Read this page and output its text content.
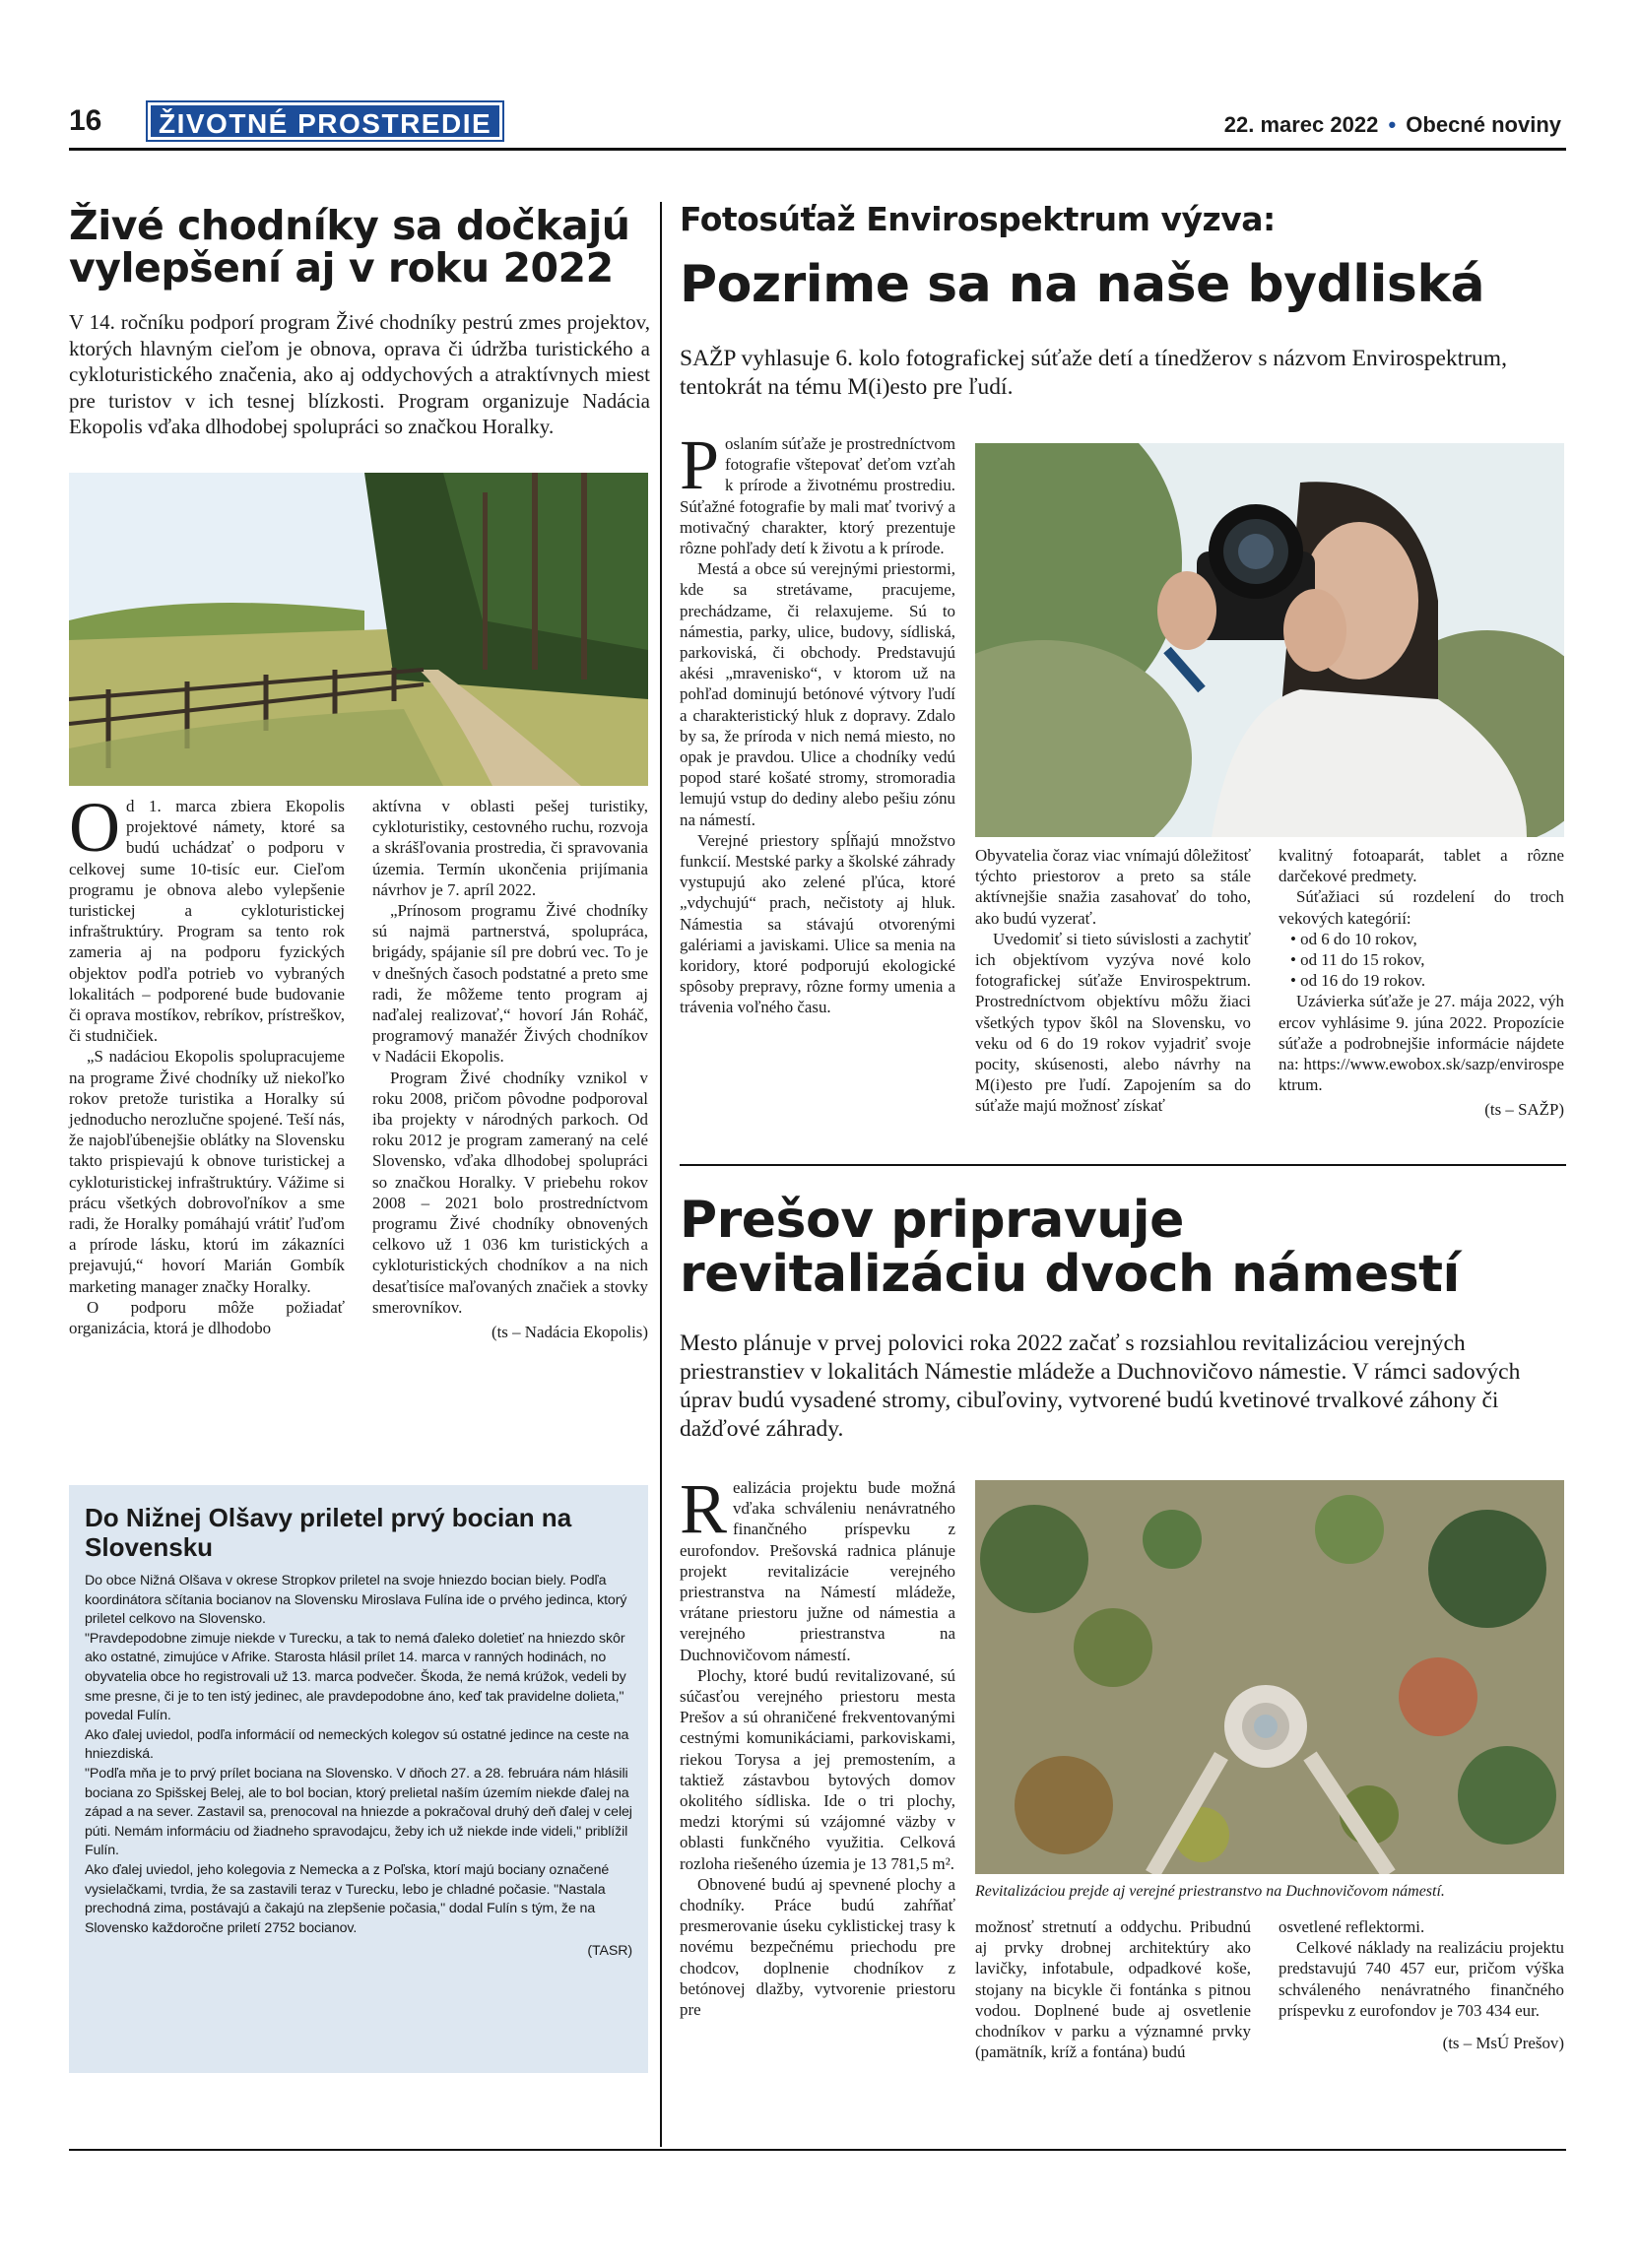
16	ŽIVOTNÉ PROSTREDIE	22. marec 2022 • Obecné noviny
Živé chodníky sa dočkajú vylepšení aj v roku 2022
V 14. ročníku podporí program Živé chodníky pestrú zmes projektov, ktorých hlavným cieľom je obnova, oprava či údržba turistického a cykloturistického značenia, ako aj oddychových a atraktívnych miest pre turistov v ich tesnej blízkosti. Program organizuje Nadácia Ekopolis vďaka dlhodobej spolupráci so značkou Horalky.
O d 1. marca zbiera Ekopolis projektové námety, ktoré sa budú uchádzať o podporu v celkovej sume 10-tisíc eur. Cieľom programu je obnova alebo vylepšenie turistickej a cykloturistickej infraštruktúry. Program sa tento rok zameria aj na podporu fyzických objektov podľa potrieb vo vybraných lokalitách – podporené bude budovanie či oprava mostíkov, rebríkov, prístreškov, či studničiek.

„S nadáciou Ekopolis spolupracujeme na programe Živé chodníky už niekoľko rokov pretože turistika a Horalky sú jednoducho nerozlučne spojené. Teší nás, že najobľúbenejšie oblátky na Slovensku takto prispievajú k obnove turistickej a cykloturistickej infraštruktúry. Vážime si prácu všetkých dobrovoľníkov a sme radi, že Horalky pomáhajú vrátiť ľuďom a prírode lásku, ktorú im zákazníci prejavujú,“ hovorí Marián Gombík marketing manager značky Horalky.

O podporu môže požiadať organizácia, ktorá je dlhodobo

aktívna v oblasti pešej turistiky, cykloturistiky, cestovného ruchu, rozvoja a skrášľovania prostredia, či spravovania územia. Termín ukončenia prijímania návrhov je 7. apríl 2022.

„Prínosom programu Živé chodníky sú najmä partnerstvá, spolupráca, brigády, spájanie síl pre dobrú vec. To je v dnešných časoch podstatné a preto sme radi, že môžeme tento program aj naďalej realizovať,“ hovorí Ján Roháč, programový manažér Živých chodníkov v Nadácii Ekopolis.

Program Živé chodníky vznikol v roku 2008, pričom pôvodne podporoval iba projekty v národných parkoch. Od roku 2012 je program zameraný na celé Slovensko, vďaka dlhodobej spolupráci so značkou Horalky. V priebehu rokov 2008 – 2021 bolo prostredníctvom programu Živé chodníky obnovených celkovo už 1 036 km turistických a cykloturistických chodníkov a na nich desaťtisíce maľovaných značiek a stovky smerovníkov.

(ts – Nadácia Ekopolis)
Do Nižnej Olšavy priletel prvý bocian na Slovensku

Do obce Nižná Olšava v okrese Stropkov priletel na svoje hniezdo bocian biely. Podľa koordinátora sčítania bocianov na Slovensku Miroslava Fulína ide o prvého jedinca, ktorý priletel celkovo na Slovensko.

"Pravdepodobne zimuje niekde v Turecku, a tak to nemá ďaleko doletieť na hniezdo skôr ako ostatné, zimujúce v Afrike. Starosta hlásil prílet 14. marca v ranných hodinách, no obyvatelia obce ho registrovali už 13. marca podvečer. Škoda, že nemá krúžok, vedeli by sme presne, či je to ten istý jedinec, ale pravdepodobne áno, keď tak pravidelne dolieta," povedal Fulín.

Ako ďalej uviedol, podľa informácií od nemeckých kolegov sú ostatné jedince na ceste na hniezdiská.

"Podľa mňa je to prvý prílet bociana na Slovensko. V dňoch 27. a 28. februára nám hlásili bociana zo Spišskej Belej, ale to bol bocian, ktorý prelietal naším územím niekde ďalej na západ a na sever. Zastavil sa, prenocoval na hniezde a pokračoval druhý deň ďalej v celej púti. Nemám informáciu od žiadneho spravodajcu, žeby ich už niekde inde videli," priblížil Fulín.

Ako ďalej uviedol, jeho kolegovia z Nemecka a z Poľska, ktorí majú bociany označené vysielačkami, tvrdia, že sa zastavili teraz v Turecku, lebo je chladné počasie. "Nastala prechodná zima, postávajú a čakajú na zlepšenie počasia," dodal Fulín s tým, že na Slovensko každoročne priletí 2752 bocianov.

(TASR)
Fotosúťaž Envirospektrum výzva:
Pozrime sa na naše bydliská
SAŽP vyhlasuje 6. kolo fotografickej súťaže detí a tínedžerov s názvom Envirospektrum, tentokrát na tému M(i)esto pre ľudí.
P oslaním súťaže je prostredníctvom fotografie vštepovať deťom vzťah k prírode a životnému prostrediu. Súťažné fotografie by mali mať tvorivý a motivačný charakter, ktorý prezentuje rôzne pohľady detí k životu a k prírode.

Mestá a obce sú verejnými priestormi, kde sa stretávame, pracujeme, prechádzame, či relaxujeme. Sú to námestia, parky, ulice, budovy, sídliská, parkoviská, či obchody. Predstavujú akési „mravenisko“, v ktorom už na pohľad dominujú betónové výtvory ľudí a charakteristický hluk z dopravy. Zdalo by sa, že príroda v nich nemá miesto, no opak je pravdou. Ulice a chodníky vedú popod staré košaté stromy, stromoradia lemujú vstup do dediny alebo pešiu zónu na námestí.

Verejné priestory spĺňajú množstvo funkcií. Mestské parky a školské záhrady vystupujú ako zelené pľúca, ktoré „vdychujú“ prach, nečistoty aj hluk. Námestia sa stávajú otvorenými galériami a javiskami. Ulice sa menia na koridory, ktoré podporujú ekologické spôsoby prepravy, rôzne formy umenia a trávenia voľného času.

Obyvatelia čoraz viac vnímajú dôležitosť týchto priestorov a preto sa stále aktívnejšie snažia zasahovať do toho, ako budú vyzerať.

Uvedomiť si tieto súvislosti a zachytiť ich objektívom vyzýva nové kolo fotografickej súťaže Envirospektrum. Prostredníctvom objektívu môžu žiaci všetkých typov škôl na Slovensku, vo veku od 6 do 19 rokov vyjadriť svoje pocity, skúsenosti, alebo návrhy na M(i)esto pre ľudí. Zapojením sa do súťaže majú možnosť získať

kvalitný fotoaparát, tablet a rôzne darčekové predmety.

Súťažiaci sú rozdelení do troch vekových kategórií:

• od 6 do 10 rokov,
• od 11 do 15 rokov,
• od 16 do 19 rokov.

Uzávierka súťaže je 27. mája 2022, výhercov vyhlásime 9. júna 2022. Propozície súťaže a podrobnejšie informácie nájdete na: https://www.ewobox.sk/sazp/envirospektrum.

(ts – SAŽP)
Prešov pripravuje revitalizáciu dvoch námestí
Mesto plánuje v prvej polovici roka 2022 začať s rozsiahlou revitalizáciou verejných priestranstiev v lokalitách Námestie mládeže a Duchnovičovo námestie. V rámci sadových úprav budú vysadené stromy, cibuľoviny, vytvorené budú kvetinové trvalkové záhony či dažďové záhrady.
R ealizácia projektu bude možná vďaka schváleniu nenávratného finančného príspevku z eurofondov. Prešovská radnica plánuje projekt revitalizácie verejného priestranstva na Námestí mládeže, vrátane priestoru južne od námestia a verejného priestranstva na Duchnovičovom námestí.

Plochy, ktoré budú revitalizované, sú súčasťou verejného priestoru mesta Prešov a sú ohraničené frekventovanými cestnými komunikáciami, parkoviskami, riekou Torysa a jej premostením, a taktiež zástavbou bytových domov okolitého sídliska. Ide o tri plochy, medzi ktorými sú vzájomné väzby v oblasti funkčného využitia. Celková rozloha riešeného územia je 13 781,5 m².

Obnovené budú aj spevnené plochy a chodníky. Práce budú zahŕňať presmerovanie úseku cyklistickej trasy k novému bezpečnému priechodu pre chodcov, doplnenie chodníkov z betónovej dlažby, vytvorenie priestoru pre

Revitalizáciou prejde aj verejné priestranstvo na Duchnovičovom námestí.

možnosť stretnutí a oddychu. Pribudnú aj prvky drobnej architektúry ako lavičky, infotabule, odpadkové koše, stojany na bicykle či fontánka s pitnou vodou. Doplnené bude aj osvetlenie chodníkov v parku a významné prvky (pamätník, kríž a fontána) budú

osvetlené reflektormi.

Celkové náklady na realizáciu projektu predstavujú 740 457 eur, pričom výška schváleného nenávratného finančného príspevku z eurofondov je 703 434 eur.

(ts – MsÚ Prešov)
